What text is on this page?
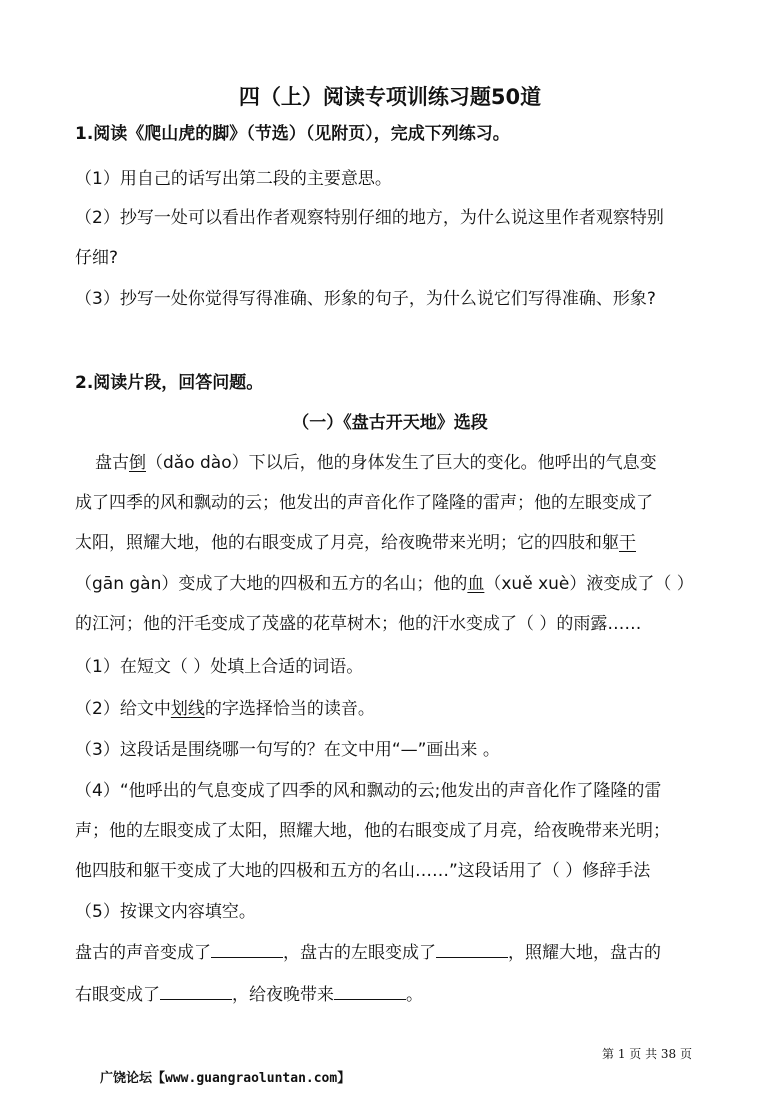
四（上）阅读专项训练习题50道
1.阅读《爬山虎的脚》（节选）（见附页），完成下列练习。
（1）用自己的话写出第二段的主要意思。
（2）抄写一处可以看出作者观察特别仔细的地方，为什么说这里作者观察特别
仔细?
（3）抄写一处你觉得写得准确、形象的句子，为什么说它们写得准确、形象?
2.阅读片段，回答问题。
（一）《盘古开天地》选段
盘古倒（dǎo dào）下以后，他的身体发生了巨大的变化。他呼出的气息变
成了四季的风和飘动的云；他发出的声音化作了隆隆的雷声；他的左眼变成了
太阳，照耀大地，他的右眼变成了月亮，给夜晚带来光明；它的四肢和躯干
（gān gàn）变成了大地的四极和五方的名山；他的血（xuě xuè）液变成了（ ）
的江河；他的汗毛变成了茂盛的花草树木；他的汗水变成了（ ）的雨露……
（1）在短文（ ）处填上合适的词语。
（2）给文中划线的字选择恰当的读音。
（3）这段话是围绕哪一句写的？在文中用“—”画出来 。
（4）“他呼出的气息变成了四季的风和飘动的云;他发出的声音化作了隆隆的雷
声；他的左眼变成了太阳，照耀大地，他的右眼变成了月亮，给夜晚带来光明；
他四肢和躯干变成了大地的四极和五方的名山……”这段话用了（ ）修辞手法
（5）按课文内容填空。
盘古的声音变成了	，盘古的左眼变成了	，照耀大地，盘古的
右眼变成了	，给夜晚带来	。
第 1 页 共 38 页
广饶论坛【www.guangraoluntan.com】
